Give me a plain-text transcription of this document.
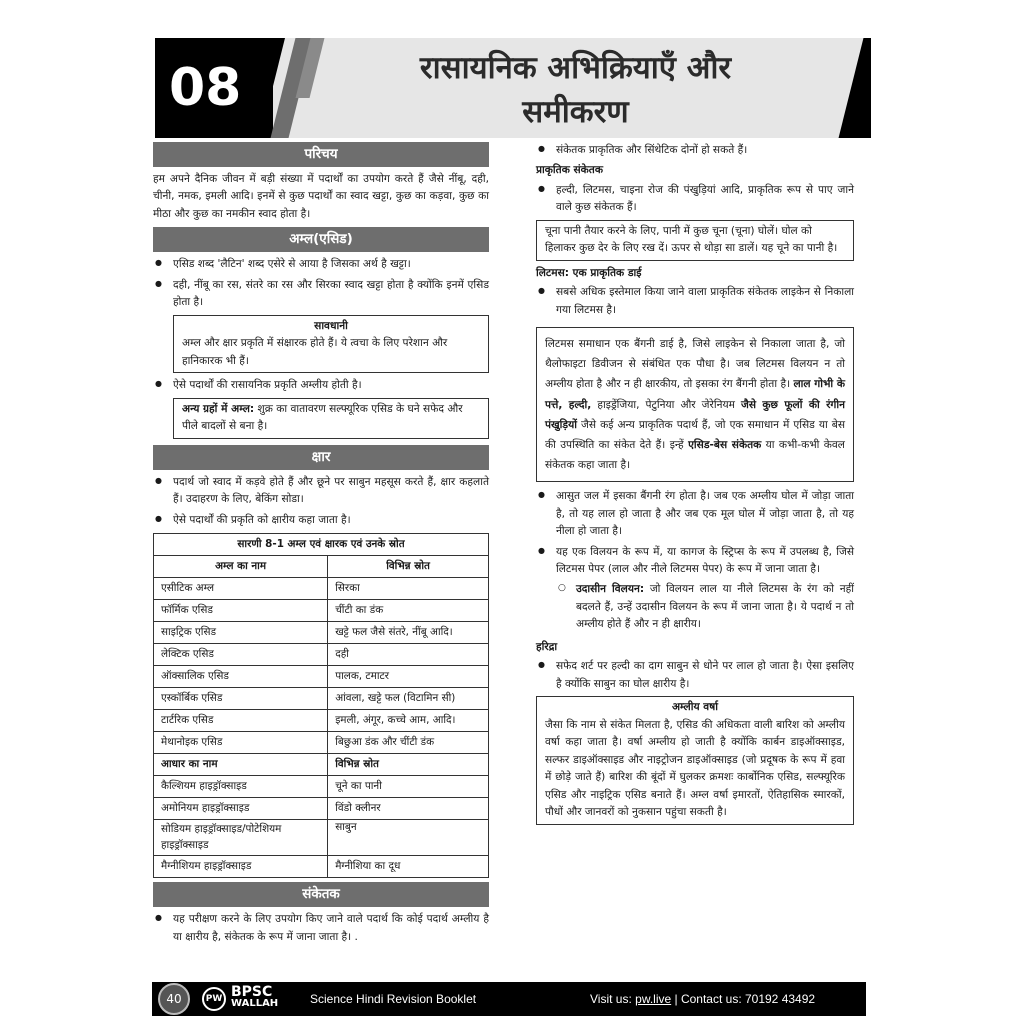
08	रासायनिक अभिक्रियाएँ और
समीकरण
परिचय

हम अपने दैनिक जीवन में बड़ी संख्या में पदार्थों का उपयोग करते हैं जैसे नींबू, दही, चीनी, नमक, इमली आदि। इनमें से कुछ पदार्थों का स्वाद खट्टा, कुछ का कड़वा, कुछ का मीठा और कुछ का नमकीन स्वाद होता है।

अम्ल(एसिड)
● एसिड शब्द 'लैटिन' शब्द एसेरे से आया है जिसका अर्थ है खट्टा।
● दही, नींबू का रस, संतरे का रस और सिरका स्वाद खट्टा होता है क्योंकि इनमें एसिड होता है।
सावधानी
अम्ल और क्षार प्रकृति में संक्षारक होते हैं। ये त्वचा के लिए परेशान और हानिकारक भी हैं।
● ऐसे पदार्थों की रासायनिक प्रकृति अम्लीय होती है।
अन्य ग्रहों में अम्ल: शुक्र का वातावरण सल्फ्यूरिक एसिड के घने सफेद और पीले बादलों से बना है।
क्षार
● पदार्थ जो स्वाद में कड़वे होते हैं और छूने पर साबुन महसूस करते हैं, क्षार कहलाते हैं। उदाहरण के लिए, बेकिंग सोडा।
● ऐसे पदार्थों की प्रकृति को क्षारीय कहा जाता है।
सारणी 8-1 अम्ल एवं क्षारक एवं उनके स्रोत	
अम्ल का नाम	विभिन्न स्रोत
एसीटिक अम्ल	सिरका
फॉर्मिक एसिड	चींटी का डंक
साइट्रिक एसिड	खट्टे फल जैसे संतरे, नींबू आदि।
लेक्टिक एसिड	दही
ऑक्सालिक एसिड	पालक, टमाटर
एस्कॉर्बिक एसिड	आंवला, खट्टे फल (विटामिन सी)
टार्टरिक एसिड	इमली, अंगूर, कच्चे आम, आदि।
मेथानोइक एसिड	बिछुआ डंक और चींटी डंक
आधार का नाम	विभिन्न स्रोत
कैल्शियम हाइड्रॉक्साइड	चूने का पानी
अमोनियम हाइड्रॉक्साइड	विंडो क्लीनर
सोडियम हाइड्रॉक्साइड/पोटेशियम हाइड्रॉक्साइड	साबुन
मैग्नीशियम हाइड्रॉक्साइड	मैग्नीशिया का दूध
संकेतक
● यह परीक्षण करने के लिए उपयोग किए जाने वाले पदार्थ कि कोई पदार्थ अम्लीय है या क्षारीय है, संकेतक के रूप में जाना जाता है। .
● संकेतक प्राकृतिक और सिंथेटिक दोनों हो सकते हैं।
प्राकृतिक संकेतक
● हल्दी, लिटमस, चाइना रोज की पंखुड़ियां आदि, प्राकृतिक रूप से पाए जाने वाले कुछ संकेतक हैं।
चूना पानी तैयार करने के लिए, पानी में कुछ चूना (चूना) घोलें। घोल को हिलाकर कुछ देर के लिए रख दें। ऊपर से थोड़ा सा डालें। यह चूने का पानी है।
लिटमस: एक प्राकृतिक डाई
● सबसे अधिक इस्तेमाल किया जाने वाला प्राकृतिक संकेतक लाइकेन से निकाला गया लिटमस है।
लिटमस समाधान एक बैंगनी डाई है, जिसे लाइकेन से निकाला जाता है, जो थैलोफाइटा डिवीजन से संबंधित एक पौधा है। जब लिटमस विलयन न तो अम्लीय होता है और न ही क्षारकीय, तो इसका रंग बैंगनी होता है। लाल गोभी के पत्ते, हल्दी, हाइड्रेंजिया, पेटुनिया और जेरेनियम जैसे कुछ फूलों की रंगीन पंखुड़ियों जैसे कई अन्य प्राकृतिक पदार्थ हैं, जो एक समाधान में एसिड या बेस की उपस्थिति का संकेत देते हैं। इन्हें एसिड-बेस संकेतक या कभी-कभी केवल संकेतक कहा जाता है।
● आसुत जल में इसका बैंगनी रंग होता है। जब एक अम्लीय घोल में जोड़ा जाता है, तो यह लाल हो जाता है और जब एक मूल घोल में जोड़ा जाता है, तो यह नीला हो जाता है।
● यह एक विलयन के रूप में, या कागज के स्ट्रिप्स के रूप में उपलब्ध है, जिसे लिटमस पेपर (लाल और नीले लिटमस पेपर) के रूप में जाना जाता है।
○ उदासीन विलयन: जो विलयन लाल या नीले लिटमस के रंग को नहीं बदलते हैं, उन्हें उदासीन विलयन के रूप में जाना जाता है। ये पदार्थ न तो अम्लीय होते हैं और न ही क्षारीय।
हरिद्रा
● सफेद शर्ट पर हल्दी का दाग साबुन से धोने पर लाल हो जाता है। ऐसा इसलिए है क्योंकि साबुन का घोल क्षारीय है।
अम्लीय वर्षा
जैसा कि नाम से संकेत मिलता है, एसिड की अधिकता वाली बारिश को अम्लीय वर्षा कहा जाता है। वर्षा अम्लीय हो जाती है क्योंकि कार्बन डाइऑक्साइड, सल्फर डाइऑक्साइड और नाइट्रोजन डाइऑक्साइड (जो प्रदूषक के रूप में हवा में छोड़े जाते हैं) बारिश की बूंदों में घुलकर क्रमशः कार्बोनिक एसिड, सल्फ्यूरिक एसिड और नाइट्रिक एसिड बनाते हैं। अम्ल वर्षा इमारतों, ऐतिहासिक स्मारकों, पौधों और जानवरों को नुकसान पहुंचा सकती है।
40	PW BPSC
WALLAH	Science Hindi Revision Booklet	Visit us: pw.live | Contact us: 70192 43492
